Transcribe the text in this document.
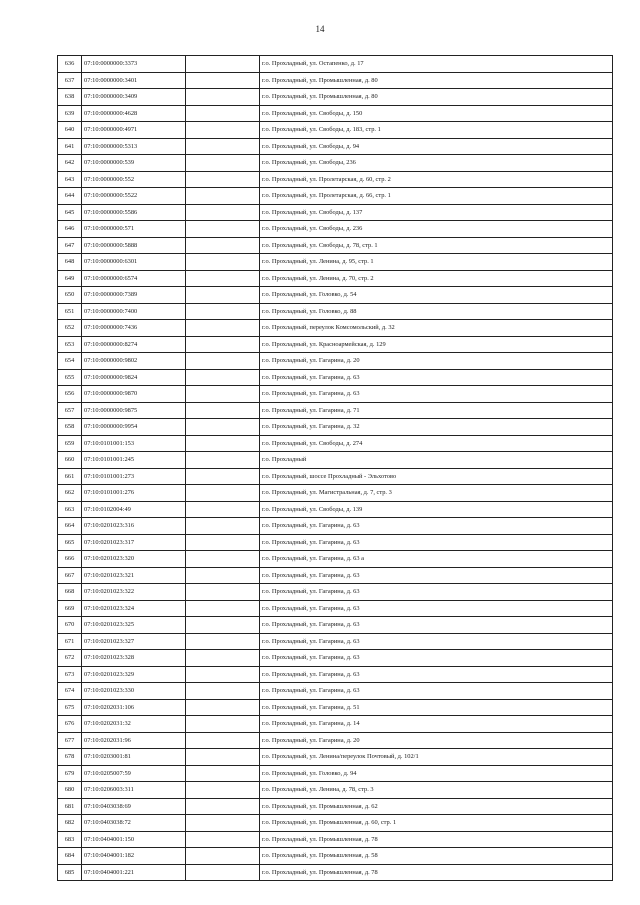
14
636	07:10:0000000:3373		г.о. Прохладный, ул. Остапенко, д. 17
637	07:10:0000000:3401		г.о. Прохладный, ул. Промышленная, д. 80
638	07:10:0000000:3409		г.о. Прохладный, ул. Промышленная, д. 80
639	07:10:0000000:4628		г.о. Прохладный, ул. Свободы, д. 150
640	07:10:0000000:4971		г.о. Прохладный, ул. Свободы, д. 183, стр. 1
641	07:10:0000000:5313		г.о. Прохладный, ул. Свободы, д. 94
642	07:10:0000000:539		г.о. Прохладный, ул. Свободы, 236
643	07:10:0000000:552		г.о. Прохладный, ул. Пролетарская, д. 60, стр. 2
644	07:10:0000000:5522		г.о. Прохладный, ул. Пролетарская, д. 66, стр. 1
645	07:10:0000000:5586		г.о. Прохладный, ул. Свободы, д. 137
646	07:10:0000000:571		г.о. Прохладный, ул. Свободы, д. 236
647	07:10:0000000:5888		г.о. Прохладный, ул. Свободы, д. 78, стр. 1
648	07:10:0000000:6301		г.о. Прохладный, ул. Ленина, д. 95, стр. 1
649	07:10:0000000:6574		г.о. Прохладный, ул. Ленина, д. 70, стр. 2
650	07:10:0000000:7389		г.о. Прохладный, ул. Головко, д. 54
651	07:10:0000000:7400		г.о. Прохладный, ул. Головко, д. 88
652	07:10:0000000:7436		г.о. Прохладный, переулок Комсомольский, д. 32
653	07:10:0000000:8274		г.о. Прохладный, ул. Красноармейская, д. 129
654	07:10:0000000:9802		г.о. Прохладный, ул. Гагарина, д. 20
655	07:10:0000000:9824		г.о. Прохладный, ул. Гагарина, д. 63
656	07:10:0000000:9870		г.о. Прохладный, ул. Гагарина, д. 63
657	07:10:0000000:9875		г.о. Прохладный, ул. Гагарина, д. 71
658	07:10:0000000:9954		г.о. Прохладный, ул. Гагарина, д. 32
659	07:10:0101001:153		г.о. Прохладный, ул. Свободы, д. 274
660	07:10:0101001:245		г.о. Прохладный
661	07:10:0101001:273		г.о. Прохладный, шоссе Прохладный - Эльхотово
662	07:10:0101001:276		г.о. Прохладный, ул. Магистральная, д. 7, стр. 3
663	07:10:0102004:49		г.о. Прохладный, ул. Свободы, д. 139
664	07:10:0201023:316		г.о. Прохладный, ул. Гагарина, д. 63
665	07:10:0201023:317		г.о. Прохладный, ул. Гагарина, д. 63
666	07:10:0201023:320		г.о. Прохладный, ул. Гагарина, д. 63 а
667	07:10:0201023:321		г.о. Прохладный, ул. Гагарина, д. 63
668	07:10:0201023:322		г.о. Прохладный, ул. Гагарина, д. 63
669	07:10:0201023:324		г.о. Прохладный, ул. Гагарина, д. 63
670	07:10:0201023:325		г.о. Прохладный, ул. Гагарина, д. 63
671	07:10:0201023:327		г.о. Прохладный, ул. Гагарина, д. 63
672	07:10:0201023:328		г.о. Прохладный, ул. Гагарина, д. 63
673	07:10:0201023:329		г.о. Прохладный, ул. Гагарина, д. 63
674	07:10:0201023:330		г.о. Прохладный, ул. Гагарина, д. 63
675	07:10:0202031:106		г.о. Прохладный, ул. Гагарина, д. 51
676	07:10:0202031:32		г.о. Прохладный, ул. Гагарина, д. 14
677	07:10:0202031:96		г.о. Прохладный, ул. Гагарина, д. 20
678	07:10:0203001:81		г.о. Прохладный, ул. Ленина/переулок Почтовый, д. 102/1
679	07:10:0205007:59		г.о. Прохладный, ул. Головко, д. 94
680	07:10:0206003:311		г.о. Прохладный, ул. Ленина, д. 78, стр. 3
681	07:10:0403038:69		г.о. Прохладный, ул. Промышленная, д. 62
682	07:10:0403038:72		г.о. Прохладный, ул. Промышленная, д. 60, стр. 1
683	07:10:0404001:150		г.о. Прохладный, ул. Промышленная, д. 78
684	07:10:0404001:182		г.о. Прохладный, ул. Промышленная, д. 58
685	07:10:0404001:221		г.о. Прохладный, ул. Промышленная, д. 78
